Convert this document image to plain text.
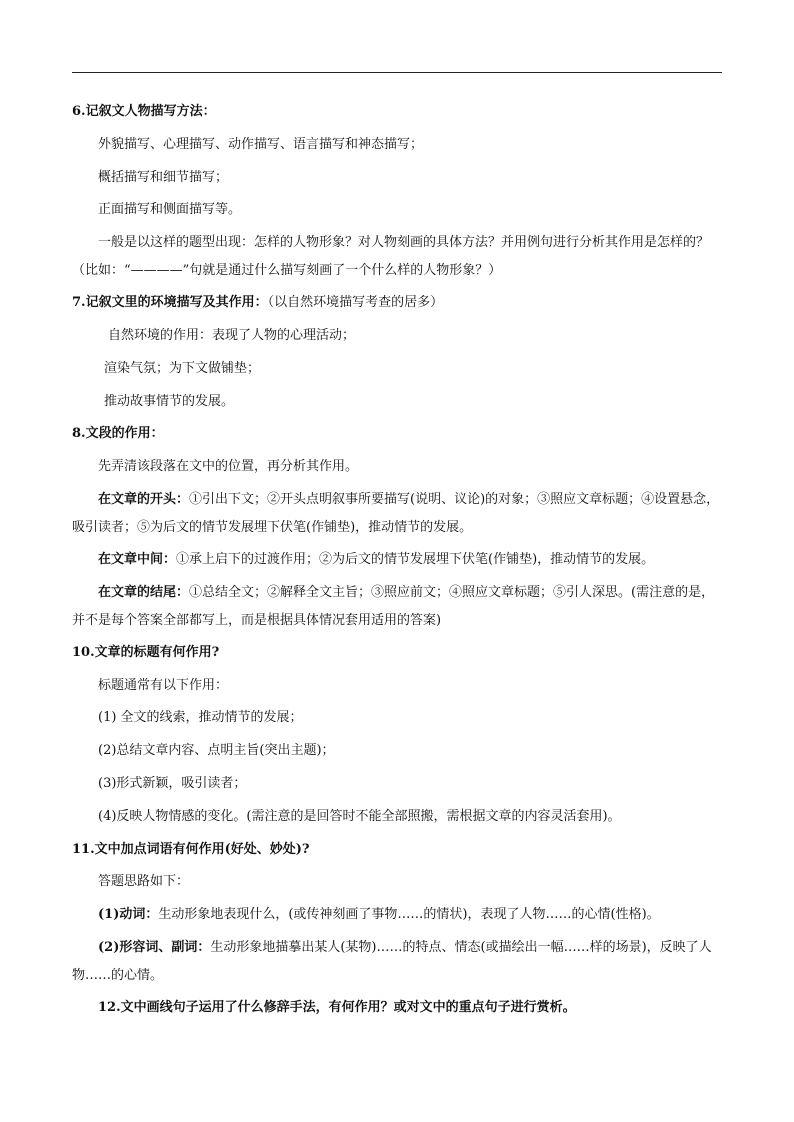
6.记叙文人物描写方法：
外貌描写、心理描写、动作描写、语言描写和神态描写；
概括描写和细节描写；
正面描写和侧面描写等。
一般是以这样的题型出现：怎样的人物形象？对人物刻画的具体方法？并用例句进行分析其作用是怎样的？（比如：“————”句就是通过什么描写刻画了一个什么样的人物形象？）
7.记叙文里的环境描写及其作用：（以自然环境描写考查的居多）
自然环境的作用：表现了人物的心理活动；
渲染气氛；为下文做铺垫；
推动故事情节的发展。
8.文段的作用：
先弄清该段落在文中的位置，再分析其作用。
在文章的开头：①引出下文；②开头点明叙事所要描写(说明、议论)的对象；③照应文章标题；④设置悬念，吸引读者；⑤为后文的情节发展埋下伏笔(作铺垫)，推动情节的发展。
在文章中间：①承上启下的过渡作用；②为后文的情节发展埋下伏笔(作铺垫)，推动情节的发展。
在文章的结尾：①总结全文；②解释全文主旨；③照应前文；④照应文章标题；⑤引人深思。(需注意的是，并不是每个答案全部都写上，而是根据具体情况套用适用的答案)
10.文章的标题有何作用?
标题通常有以下作用：
(1) 全文的线索，推动情节的发展；
(2)总结文章内容、点明主旨(突出主题)；
(3)形式新颖，吸引读者；
(4)反映人物情感的变化。(需注意的是回答时不能全部照搬，需根据文章的内容灵活套用)。
11.文中加点词语有何作用(好处、妙处)?
答题思路如下：
(1)动词：生动形象地表现什么，(或传神刻画了事物……的情状)，表现了人物……的心情(性格)。
(2)形容词、副词：生动形象地描摹出某人(某物)……的特点、情态(或描绘出一幅……样的场景)，反映了人物……的心情。
12.文中画线句子运用了什么修辞手法，有何作用？或对文中的重点句子进行赏析。
